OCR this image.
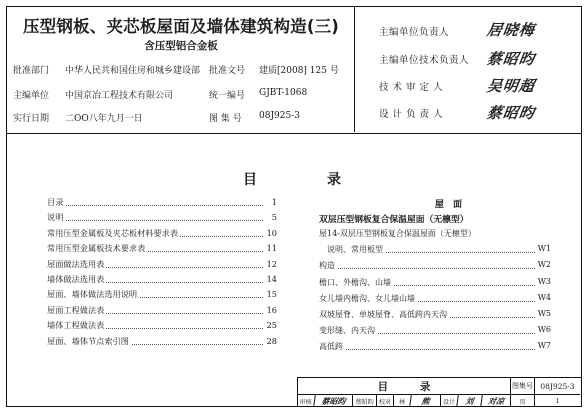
压型钢板、夹芯板屋面及墙体建筑构造(三)
含压型铝合金板
批准部门 中华人民共和国住房和城乡建设部 批准文号 建质[2008] 125 号
主编单位 中国京冶工程技术有限公司	统一编号 GJBT-1068
实行日期 二OO八年九月一日	图 集 号 08J925-3
主编单位负责人 居晓梅
主编单位技术负责人 蔡昭昀
技 术 审 定 人	吴明超
设 计 负 责 人	蔡昭昀
目	录
目录	1
说明	5
常用压型金属板及夹芯板材料要求表	10
常用压型金属板技术要求表	11
屋面做法选用表	12
墙体做法选用表	14
屋面、墙体做法选用说明	15
屋面工程做法表	16
墙体工程做法表	25
屋面、墙体节点索引图	28
屋 面
双层压型钢板复合保温屋面（无檩型）
屋14-双层压型钢板复合保温屋面（无檩型）
　说明、常用板型	W1
构造	W2
檐口、外檐沟、山墙	W3
女儿墙内檐沟、女儿墙山墙	W4
双坡屋脊、单坡屋脊、高低跨内天沟	W5
变形缝、内天沟	W6
高低跨	W7
目 录	图集号 08J925-3
审核	蔡昭昀	蔡昭昀 校对	林	熊	设计	刘	对凉	页	1
